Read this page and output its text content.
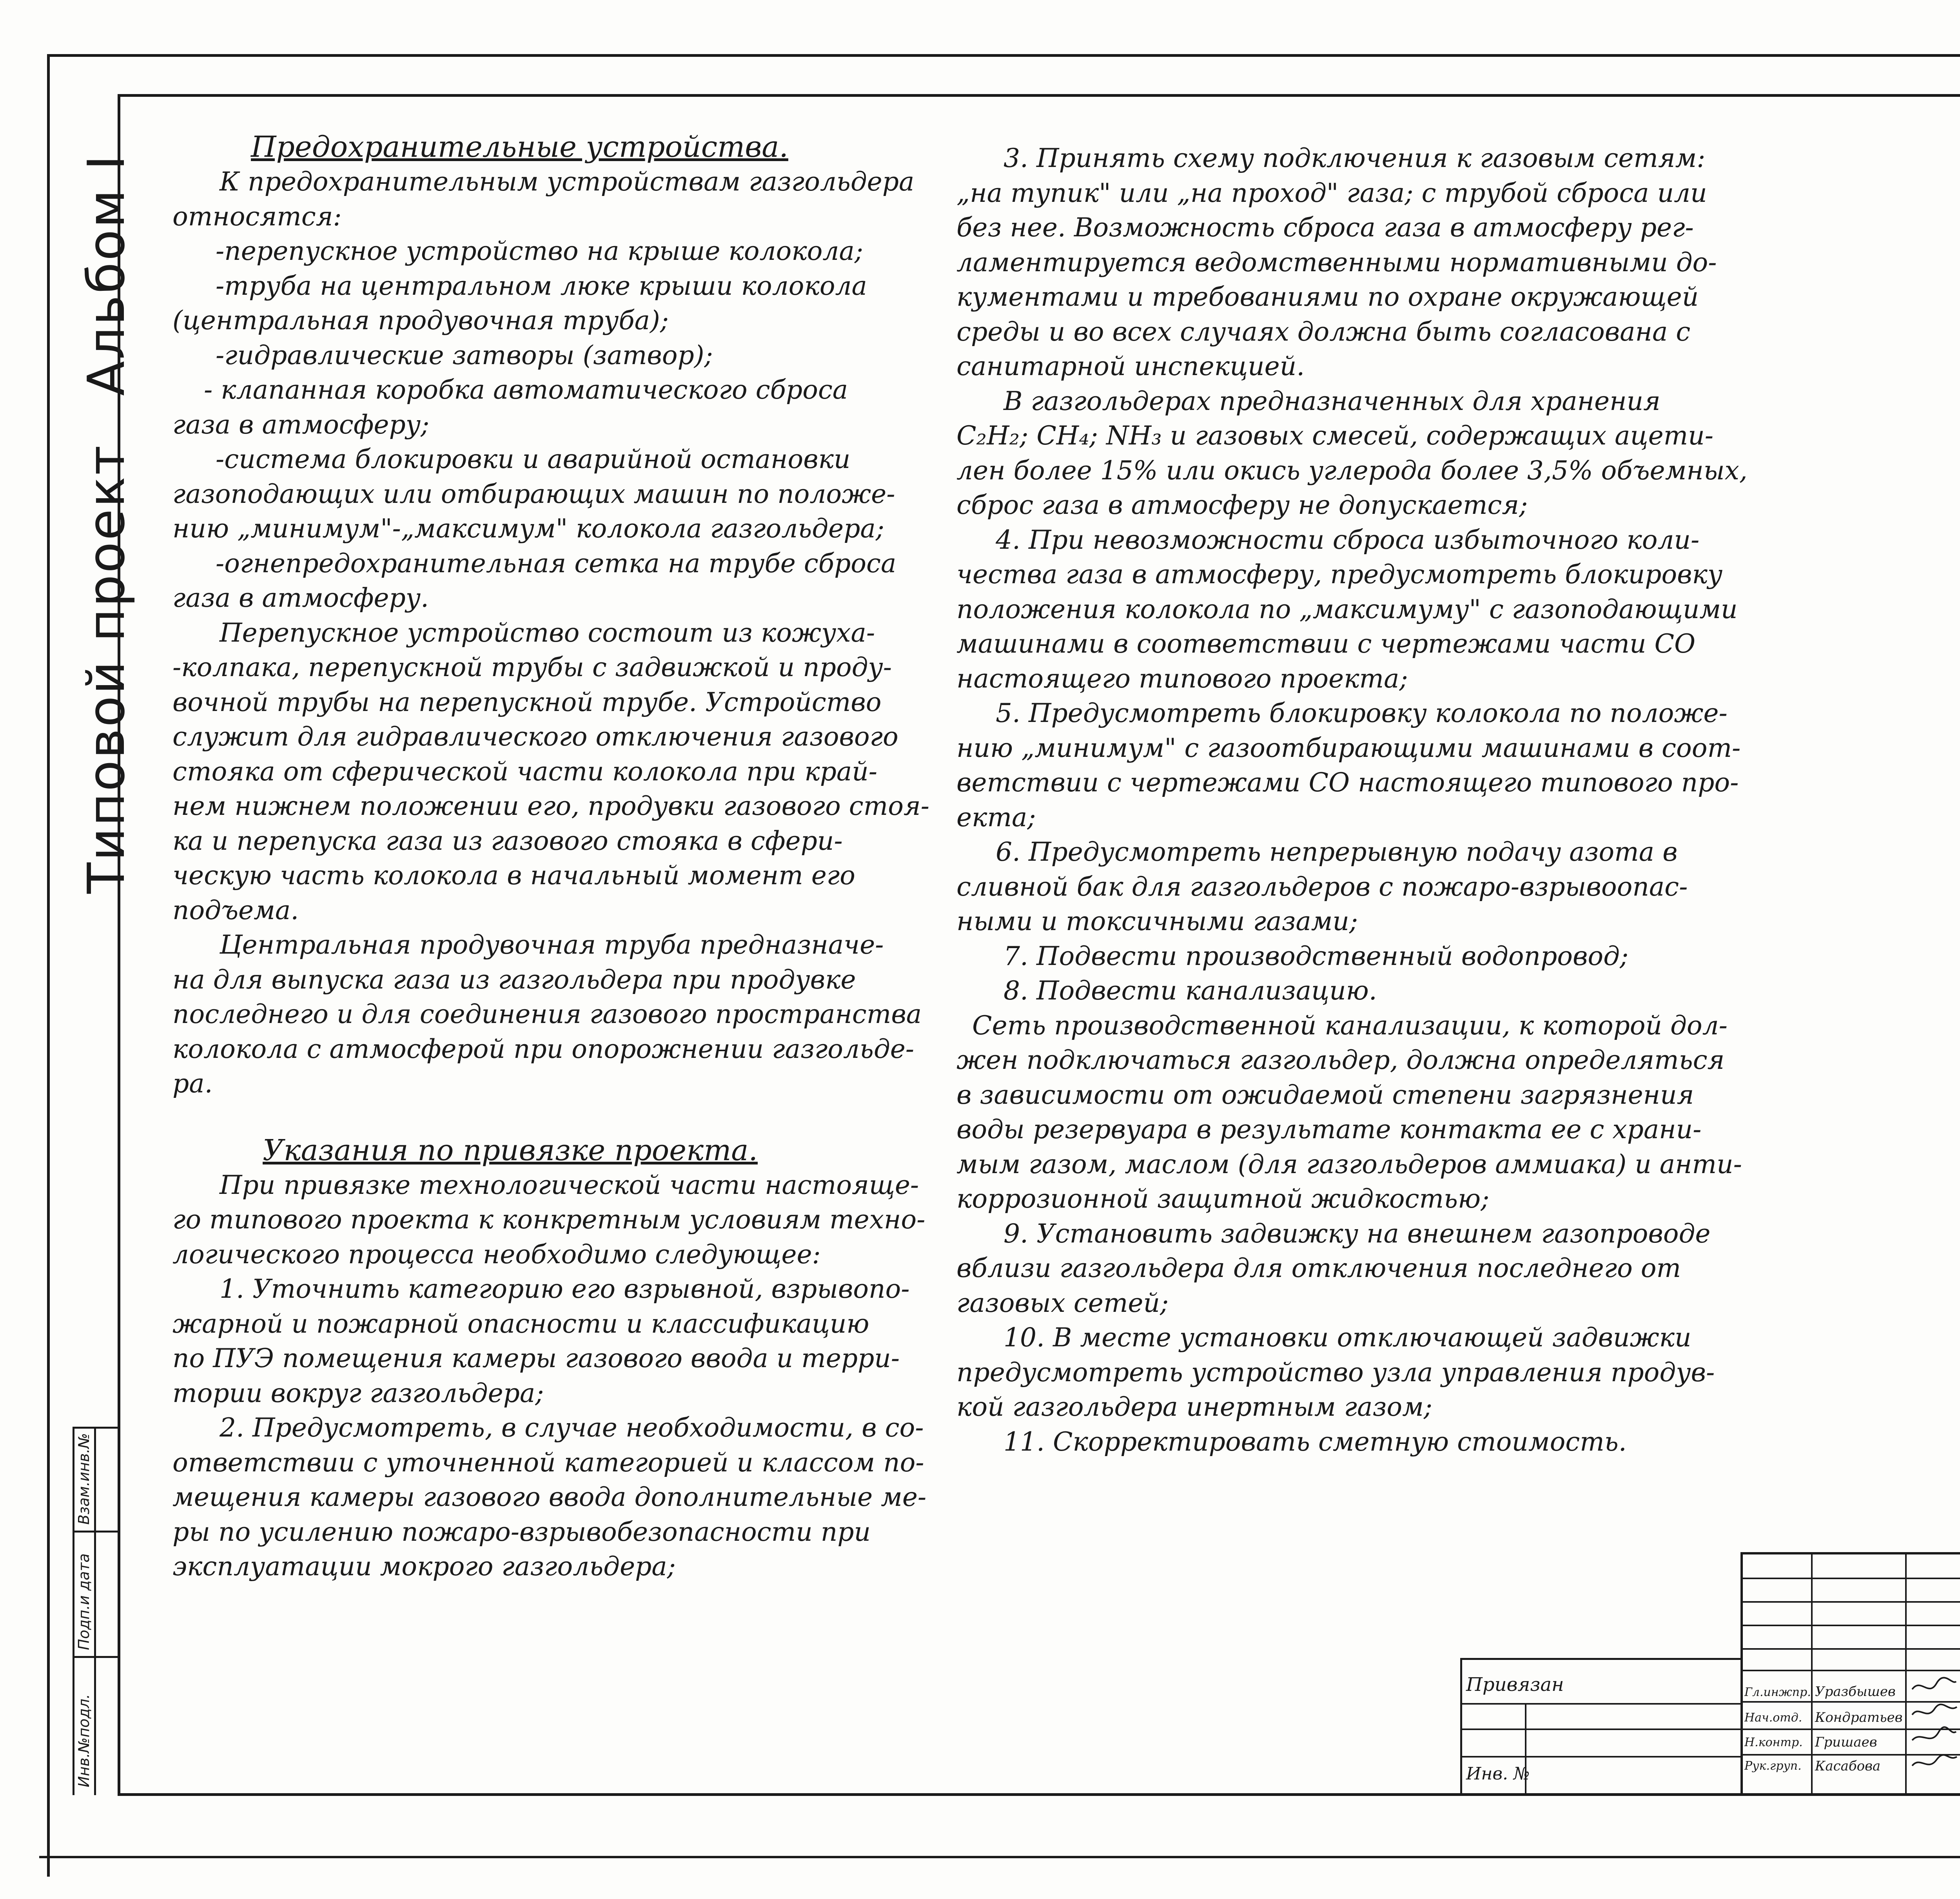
Альбом I
Типовой проект
Инв.№подл.
Подп.и дата
Взам.инв.№

Предохранительные устройства.

К предохранительным устройствам газгольдера

относятся:

-перепускное устройство на крыше колокола;

-труба на центральном люке крыши колокола

(центральная продувочная труба);

-гидравлические затворы (затвор);

- клапанная коробка автоматического сброса

газа в атмосферу;

-система блокировки и аварийной остановки

газоподающих или отбирающих машин по положе-

нию „минимум"-„максимум" колокола газгольдера;

-огнепредохранительная сетка на трубе сброса

газа в атмосферу.

Перепускное устройство состоит из кожуха-

-колпака, перепускной трубы с задвижкой и проду-

вочной трубы на перепускной трубе. Устройство

служит для гидравлического отключения газового

стояка от сферической части колокола при край-

нем нижнем положении его, продувки газового стоя-

ка и перепуска газа из газового стояка в сфери-

ческую часть колокола в начальный момент его

подъема.

Центральная продувочная труба предназначе-

на для выпуска газа из газгольдера при продувке

последнего и для соединения газового пространства

колокола с атмосферой при опорожнении газгольде-

ра.

Указания по привязке проекта.

При привязке технологической части настояще-

го типового проекта к конкретным условиям техно-

логического процесса необходимо следующее:

1. Уточнить категорию его взрывной, взрывопо-

жарной и пожарной опасности и классификацию

по ПУЭ помещения камеры газового ввода и терри-

тории вокруг газгольдера;

2. Предусмотреть, в случае необходимости, в со-

ответствии с уточненной категорией и классом по-

мещения камеры газового ввода дополнительные ме-

ры по усилению пожаро-взрывобезопасности при

эксплуатации мокрого газгольдера;

3. Принять схему подключения к газовым сетям:

„на тупик" или „на проход" газа; с трубой сброса или

без нее. Возможность сброса газа в атмосферу рег-

ламентируется ведомственными нормативными до-

кументами и требованиями по охране окружающей

среды и во всех случаях должна быть согласована с

санитарной инспекцией.

В газгольдерах предназначенных для хранения

C₂H₂; CH₄; NH₃ и газовых смесей, содержащих ацети-

лен более 15% или окись углерода более 3,5% объемных,

сброс газа в атмосферу не допускается;

4. При невозможности сброса избыточного коли-

чества газа в атмосферу, предусмотреть блокировку

положения колокола по „максимуму" с газоподающими

машинами в соответствии с чертежами части СО

настоящего типового проекта;

5. Предусмотреть блокировку колокола по положе-

нию „минимум" с газоотбирающими машинами в соот-

ветствии с чертежами СО настоящего типового про-

екта;

6. Предусмотреть непрерывную подачу азота в

сливной бак для газгольдеров с пожаро-взрывоопас-

ными и токсичными газами;

7. Подвести производственный водопровод;

8. Подвести канализацию.

Сеть производственной канализации, к которой дол-

жен подключаться газгольдер, должна определяться

в зависимости от ожидаемой степени загрязнения

воды резервуара в результате контакта ее с храни-

мым газом, маслом (для газгольдеров аммиака) и анти-

коррозионной защитной жидкостью;

9. Установить задвижку на внешнем газопроводе

вблизи газгольдера для отключения последнего от

газовых сетей;

10. В месте установки отключающей задвижки

предусмотреть устройство узла управления продув-

кой газгольдера инертным газом;

11. Скорректировать сметную стоимость.

Привязан
Инв. №
Гл.инжпр.
Нач.отд.
Н.контр.
Рук.груп.
Уразбышев
Кондратьев
Гришаев
Касабова
